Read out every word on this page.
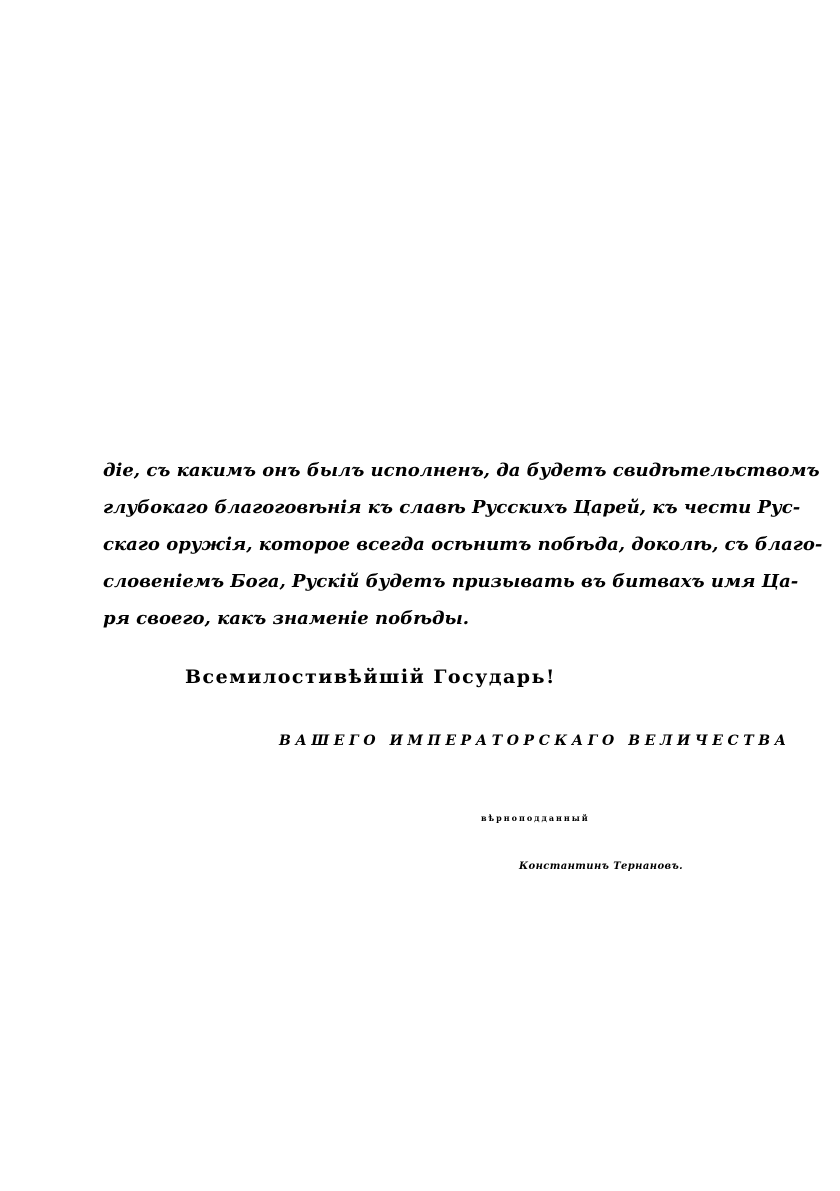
діе, съ какимъ онъ былъ исполненъ, да будетъ свидѣтельствомъ
глубокаго благоговѣнія къ славѣ Русскихъ Царей, къ чести Рус-
скаго оружія, которое всегда осѣнитъ побѣда, доколѣ, съ благо-
словеніемъ Бога, Рускій будетъ призывать въ битвахъ имя Ца-
ря своего, какъ знаменіе побѣды.
Всемилостивѣйшій Государь!
ВАШЕГО ИМПЕРАТОРСКАГО ВЕЛИЧЕСТВА
вѣрноподданный
Константинъ Тернановъ.
